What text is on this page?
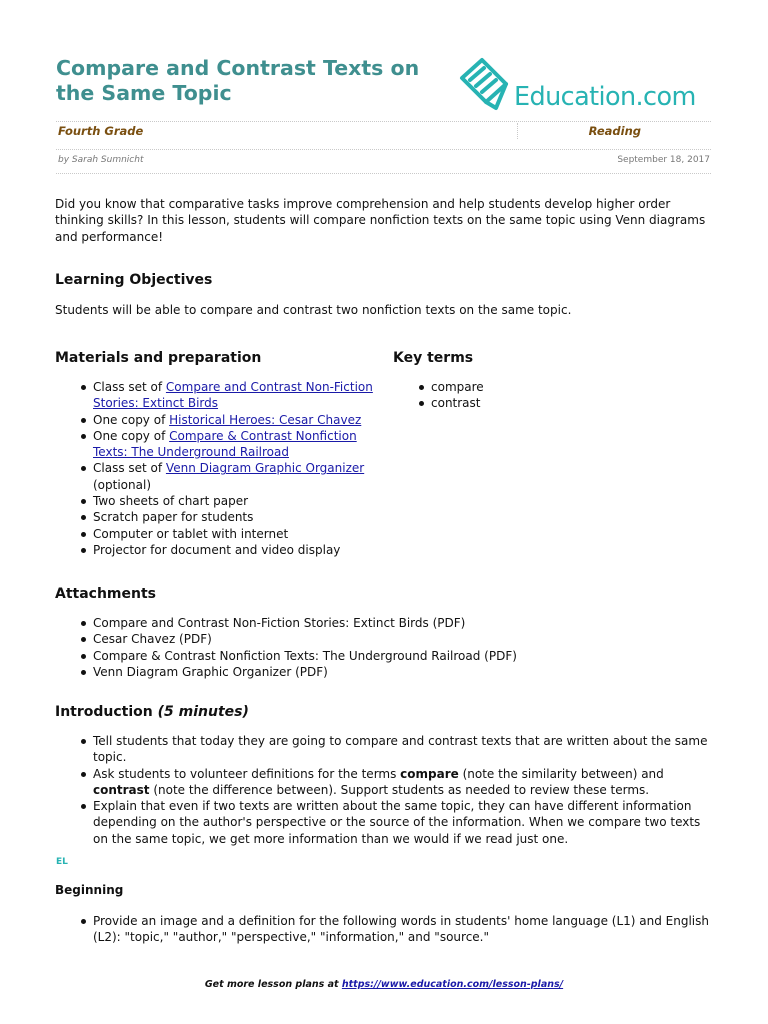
Compare and Contrast Texts on
the Same Topic	Education.com
Fourth Grade	Reading
by Sarah Sumnicht	September 18, 2017
Did you know that comparative tasks improve comprehension and help students develop higher order thinking skills? In this lesson, students will compare nonfiction texts on the same topic using Venn diagrams and performance!
Learning Objectives
Students will be able to compare and contrast two nonfiction texts on the same topic.
Materials and preparation
Class set of Compare and Contrast Non-Fiction Stories: Extinct Birds
One copy of Historical Heroes: Cesar Chavez
One copy of Compare & Contrast Nonfiction Texts: The Underground Railroad
Class set of Venn Diagram Graphic Organizer (optional)
Two sheets of chart paper
Scratch paper for students
Computer or tablet with internet
Projector for document and video display
Key terms
compare
contrast
Attachments
Compare and Contrast Non-Fiction Stories: Extinct Birds (PDF)
Cesar Chavez (PDF)
Compare & Contrast Nonfiction Texts: The Underground Railroad (PDF)
Venn Diagram Graphic Organizer (PDF)
Introduction (5 minutes)
Tell students that today they are going to compare and contrast texts that are written about the same topic.
Ask students to volunteer definitions for the terms compare (note the similarity between) and contrast (note the difference between). Support students as needed to review these terms.
Explain that even if two texts are written about the same topic, they can have different information depending on the author's perspective or the source of the information. When we compare two texts on the same topic, we get more information than we would if we read just one.
EL
Beginning
Provide an image and a definition for the following words in students' home language (L1) and English (L2): "topic," "author," "perspective," "information," and "source."
Get more lesson plans at https://www.education.com/lesson-plans/
